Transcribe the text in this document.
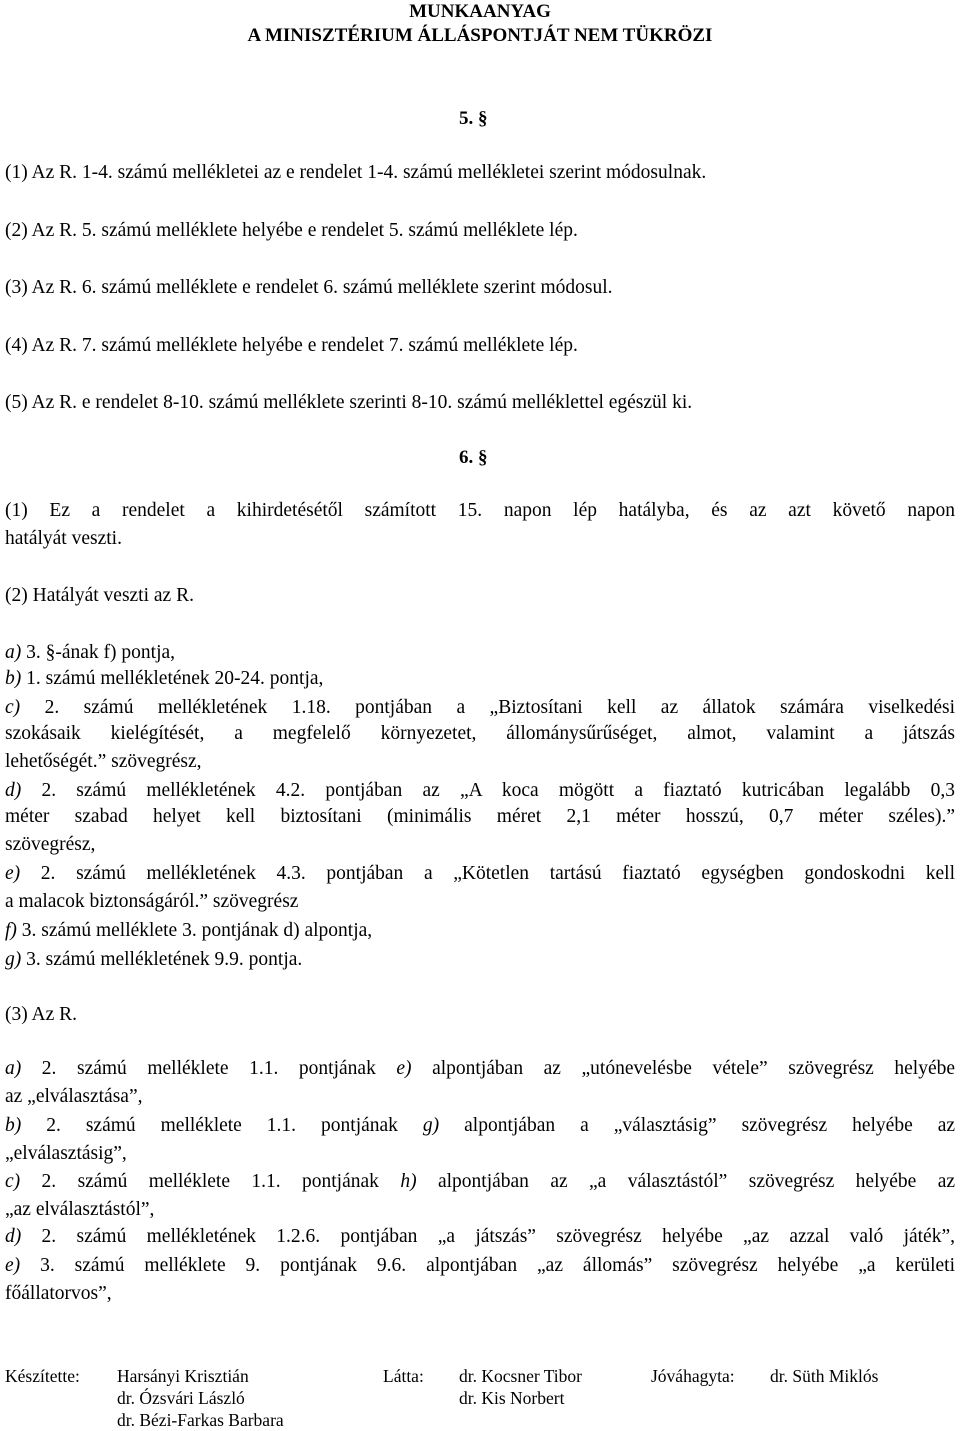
MUNKAANYAG
A MINISZTÉRIUM ÁLLÁSPONTJÁT NEM TÜKRÖZI
5. §
(1) Az R. 1-4. számú mellékletei az e rendelet 1-4. számú mellékletei szerint módosulnak.
(2) Az R. 5. számú melléklete helyébe e rendelet 5. számú melléklete lép.
(3) Az R. 6. számú melléklete e rendelet 6. számú melléklete szerint módosul.
(4) Az R. 7. számú melléklete helyébe e rendelet 7. számú melléklete lép.
(5) Az R. e rendelet 8-10. számú melléklete szerinti 8-10. számú melléklettel egészül ki.
6. §
(1) Ez a rendelet a kihirdetésétől számított 15. napon lép hatályba, és az azt követő napon
hatályát veszti.
(2) Hatályát veszti az R.
a) 3. §-ának f) pontja,
b) 1. számú mellékletének 20-24. pontja,
c) 2. számú mellékletének 1.18. pontjában a „Biztosítani kell az állatok számára viselkedési
szokásaik kielégítését, a megfelelő környezetet, állománysűrűséget, almot, valamint a játszás
lehetőségét.” szövegrész,
d) 2. számú mellékletének 4.2. pontjában az „A koca mögött a fiaztató kutricában legalább 0,3
méter szabad helyet kell biztosítani (minimális méret 2,1 méter hosszú, 0,7 méter széles).”
szövegrész,
e) 2. számú mellékletének 4.3. pontjában a „Kötetlen tartású fiaztató egységben gondoskodni kell
a malacok biztonságáról.” szövegrész
f) 3. számú melléklete 3. pontjának d) alpontja,
g) 3. számú mellékletének 9.9. pontja.
(3) Az R.
a) 2. számú melléklete 1.1. pontjának e) alpontjában az „utónevelésbe vétele” szövegrész helyébe
az „elválasztása”,
b) 2. számú melléklete 1.1. pontjának g) alpontjában a „választásig” szövegrész helyébe az
„elválasztásig”,
c) 2. számú melléklete 1.1. pontjának h) alpontjában az „a választástól” szövegrész helyébe az
„az elválasztástól”,
d) 2. számú mellékletének 1.2.6. pontjában „a játszás” szövegrész helyébe „az azzal való játék”,
e) 3. számú melléklete 9. pontjának 9.6. alpontjában „az állomás” szövegrész helyébe „a kerületi
főállatorvos”,
Készítette: Harsányi Krisztián
dr. Ózsvári László
dr. Bézi-Farkas Barbara
Látta: dr. Kocsner Tibor
dr. Kis Norbert
Jóváhagyta: dr. Süth Miklós
